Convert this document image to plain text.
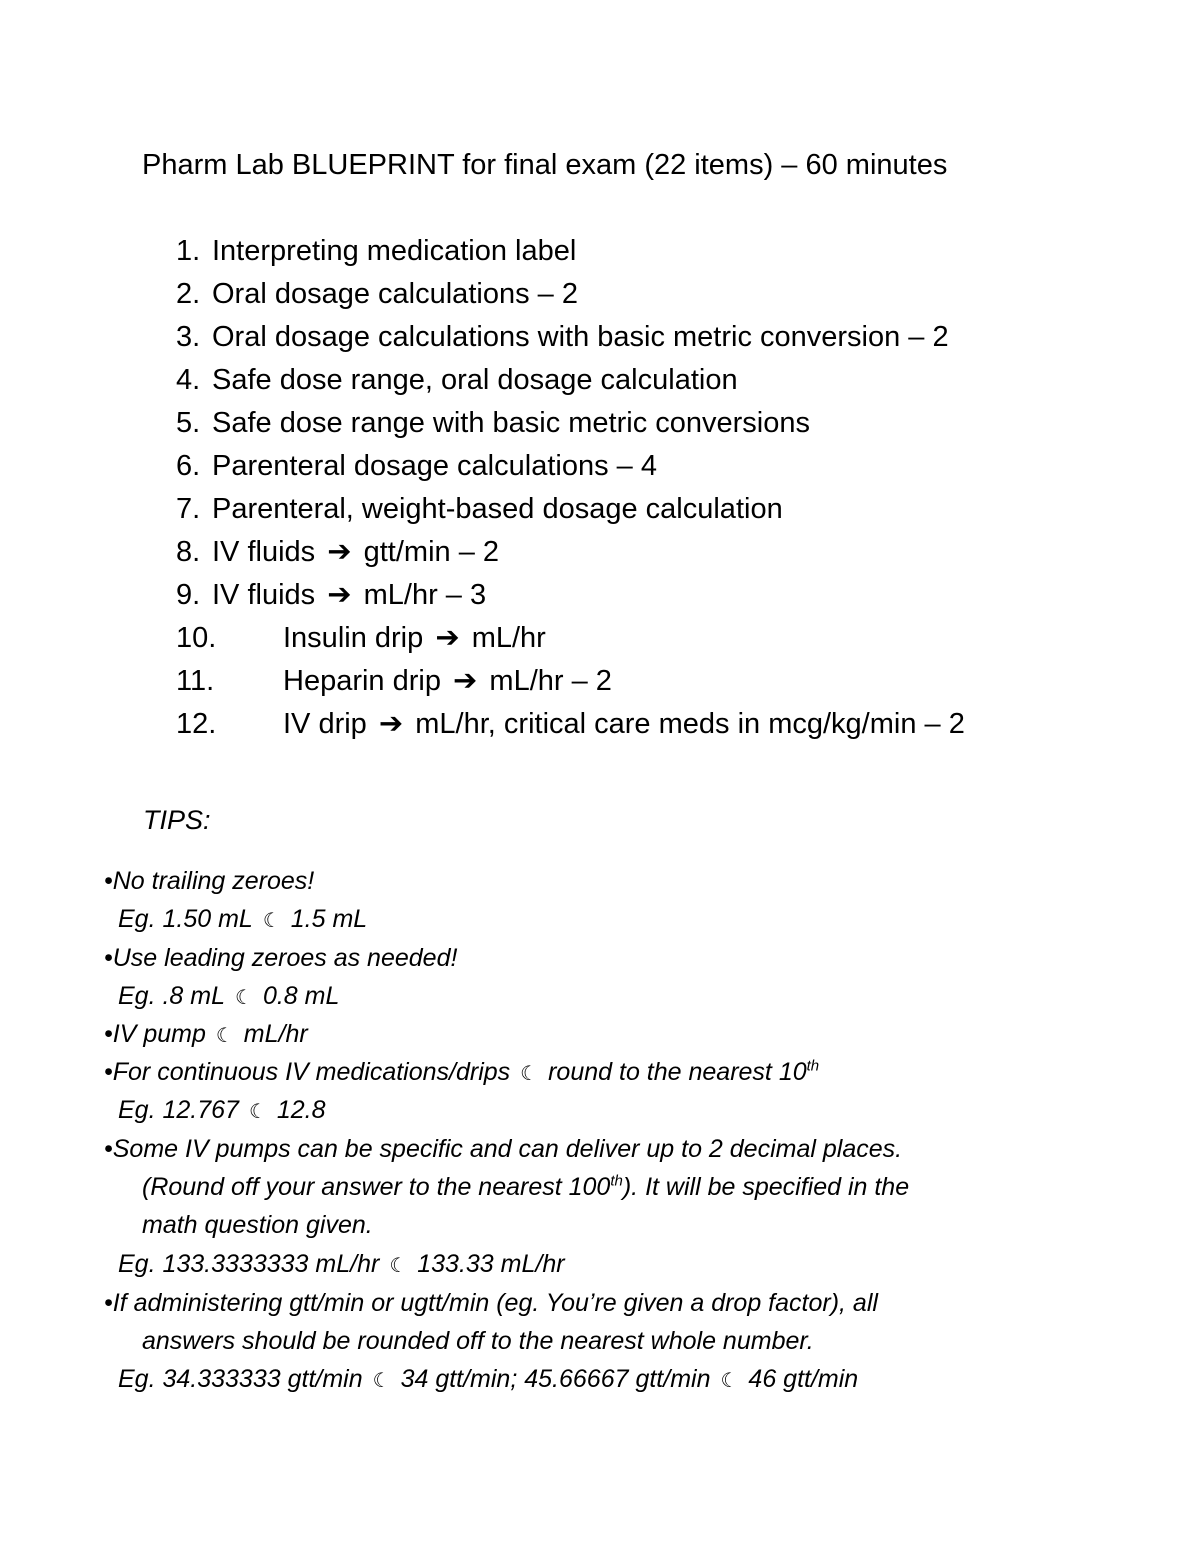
Pharm Lab BLUEPRINT for final exam (22 items) – 60 minutes
1. Interpreting medication label
2. Oral dosage calculations – 2
3. Oral dosage calculations with basic metric conversion – 2
4. Safe dose range, oral dosage calculation
5. Safe dose range with basic metric conversions
6. Parenteral dosage calculations – 4
7. Parenteral, weight-based dosage calculation
8. IV fluids ➔ gtt/min – 2
9. IV fluids ➔ mL/hr – 3
10. Insulin drip ➔ mL/hr
11. Heparin drip ➔ mL/hr – 2
12. IV drip ➔ mL/hr, critical care meds in mcg/kg/min – 2
TIPS:
•No trailing zeroes!
Eg. 1.50 mL ☾ 1.5 mL
•Use leading zeroes as needed!
Eg. .8 mL ☾ 0.8 mL
•IV pump ☾ mL/hr
•For continuous IV medications/drips ☾ round to the nearest 10th
Eg. 12.767 ☾ 12.8
•Some IV pumps can be specific and can deliver up to 2 decimal places.
(Round off your answer to the nearest 100th). It will be specified in the
math question given.
Eg. 133.3333333 mL/hr ☾ 133.33 mL/hr
•If administering gtt/min or ugtt/min (eg. You’re given a drop factor), all
answers should be rounded off to the nearest whole number.
Eg. 34.333333 gtt/min ☾ 34 gtt/min; 45.66667 gtt/min ☾ 46 gtt/min
